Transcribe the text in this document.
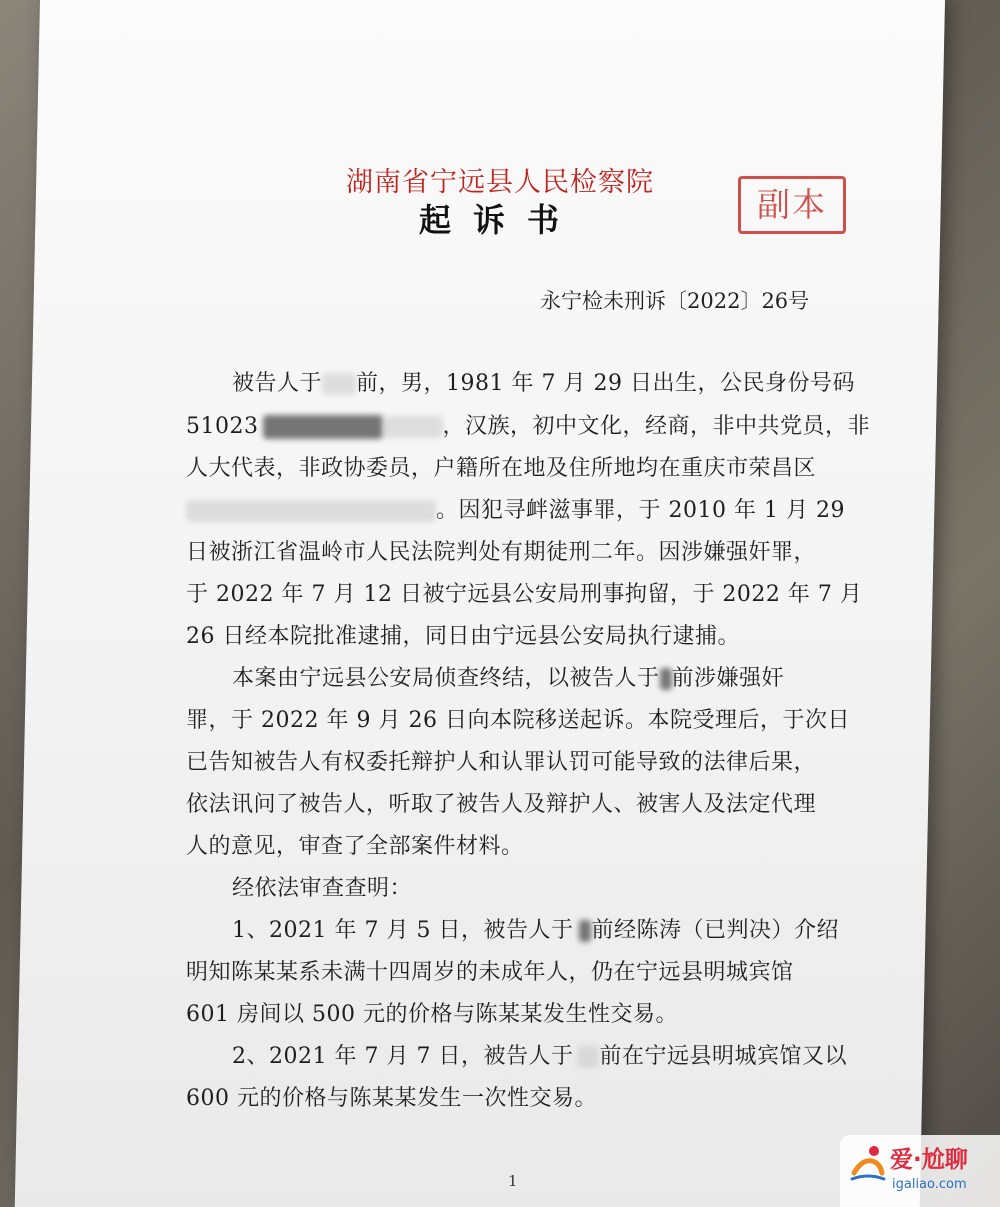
湖南省宁远县人民检察院
起诉书	副本
永宁检未刑诉〔2022〕26号
被告人于 前，男，1981 年 7 月 29 日出生，公民身份号码
51023	，汉族，初中文化，经商，非中共党员，非
人大代表，非政协委员，户籍所在地及住所地均在重庆市荣昌区
。因犯寻衅滋事罪，于 2010 年 1 月 29
日被浙江省温岭市人民法院判处有期徒刑二年。因涉嫌强奸罪，
于 2022 年 7 月 12 日被宁远县公安局刑事拘留，于 2022 年 7 月
26 日经本院批准逮捕，同日由宁远县公安局执行逮捕。
本案由宁远县公安局侦查终结，以被告人于 前涉嫌强奸
罪，于 2022 年 9 月 26 日向本院移送起诉。本院受理后，于次日
已告知被告人有权委托辩护人和认罪认罚可能导致的法律后果，
依法讯问了被告人，听取了被告人及辩护人、被害人及法定代理
人的意见，审查了全部案件材料。
经依法审查查明：
1、2021 年 7 月 5 日，被告人于 前经陈涛（已判决）介绍
明知陈某某系未满十四周岁的未成年人，仍在宁远县明城宾馆
601 房间以 500 元的价格与陈某某发生性交易。
2、2021 年 7 月 7 日，被告人于 前在宁远县明城宾馆又以
600 元的价格与陈某某发生一次性交易。
1
爱·尬聊
igaliao.com
